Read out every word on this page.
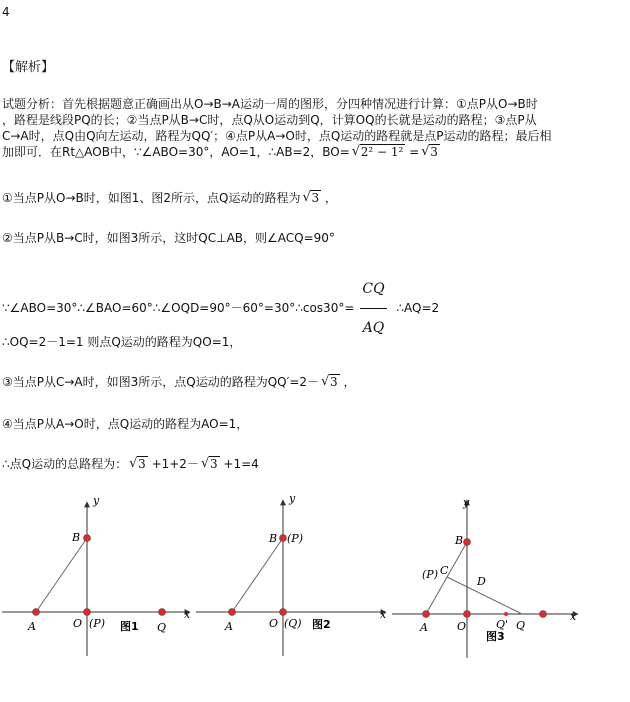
4
【解析】
试题分析：首先根据题意正确画出从O→B→A运动一周的图形，分四种情况进行计算：①点P从O→B时
，路程是线段PQ的长；②当点P从B→C时，点Q从O运动到Q，计算OQ的长就是运动的路程；③点P从
C→A时，点Q由Q向左运动，路程为QQ′；④点P从A→O时，点Q运动的路程就是点P运动的路程；最后相
加即可．在Rt△AOB中，∵∠ABO=30°，AO=1，∴AB=2，BO= √ 2² − 1² = √ 3
①当点P从O→B时，如图1、图2所示，点Q运动的路程为 √ 3 ，
②当点P从B→C时，如图3所示，这时QC⊥AB，则∠ACQ=90°
∵∠ABO=30°∴∠BAO=60°∴∠OQD=90°－60°=30°∴cos30°= $\frac{CQ}{AQ}$ ∴AQ=2
∴OQ=2－1=1 则点Q运动的路程为QO=1，
③当点P从C→A时，如图3所示，点Q运动的路程为QQ′=2－ √ 3 ，
④当点P从A→O时，点Q运动的路程为AO=1，
∴点Q运动的总路程为： √ 3 +1+2－ √ 3 +1=4
y
x
B
A	O (P)	Q
图1
y
x
B (P)
A	O (Q) 图2
y
x
B
(P) C
D
A	O	Q' Q
图3
